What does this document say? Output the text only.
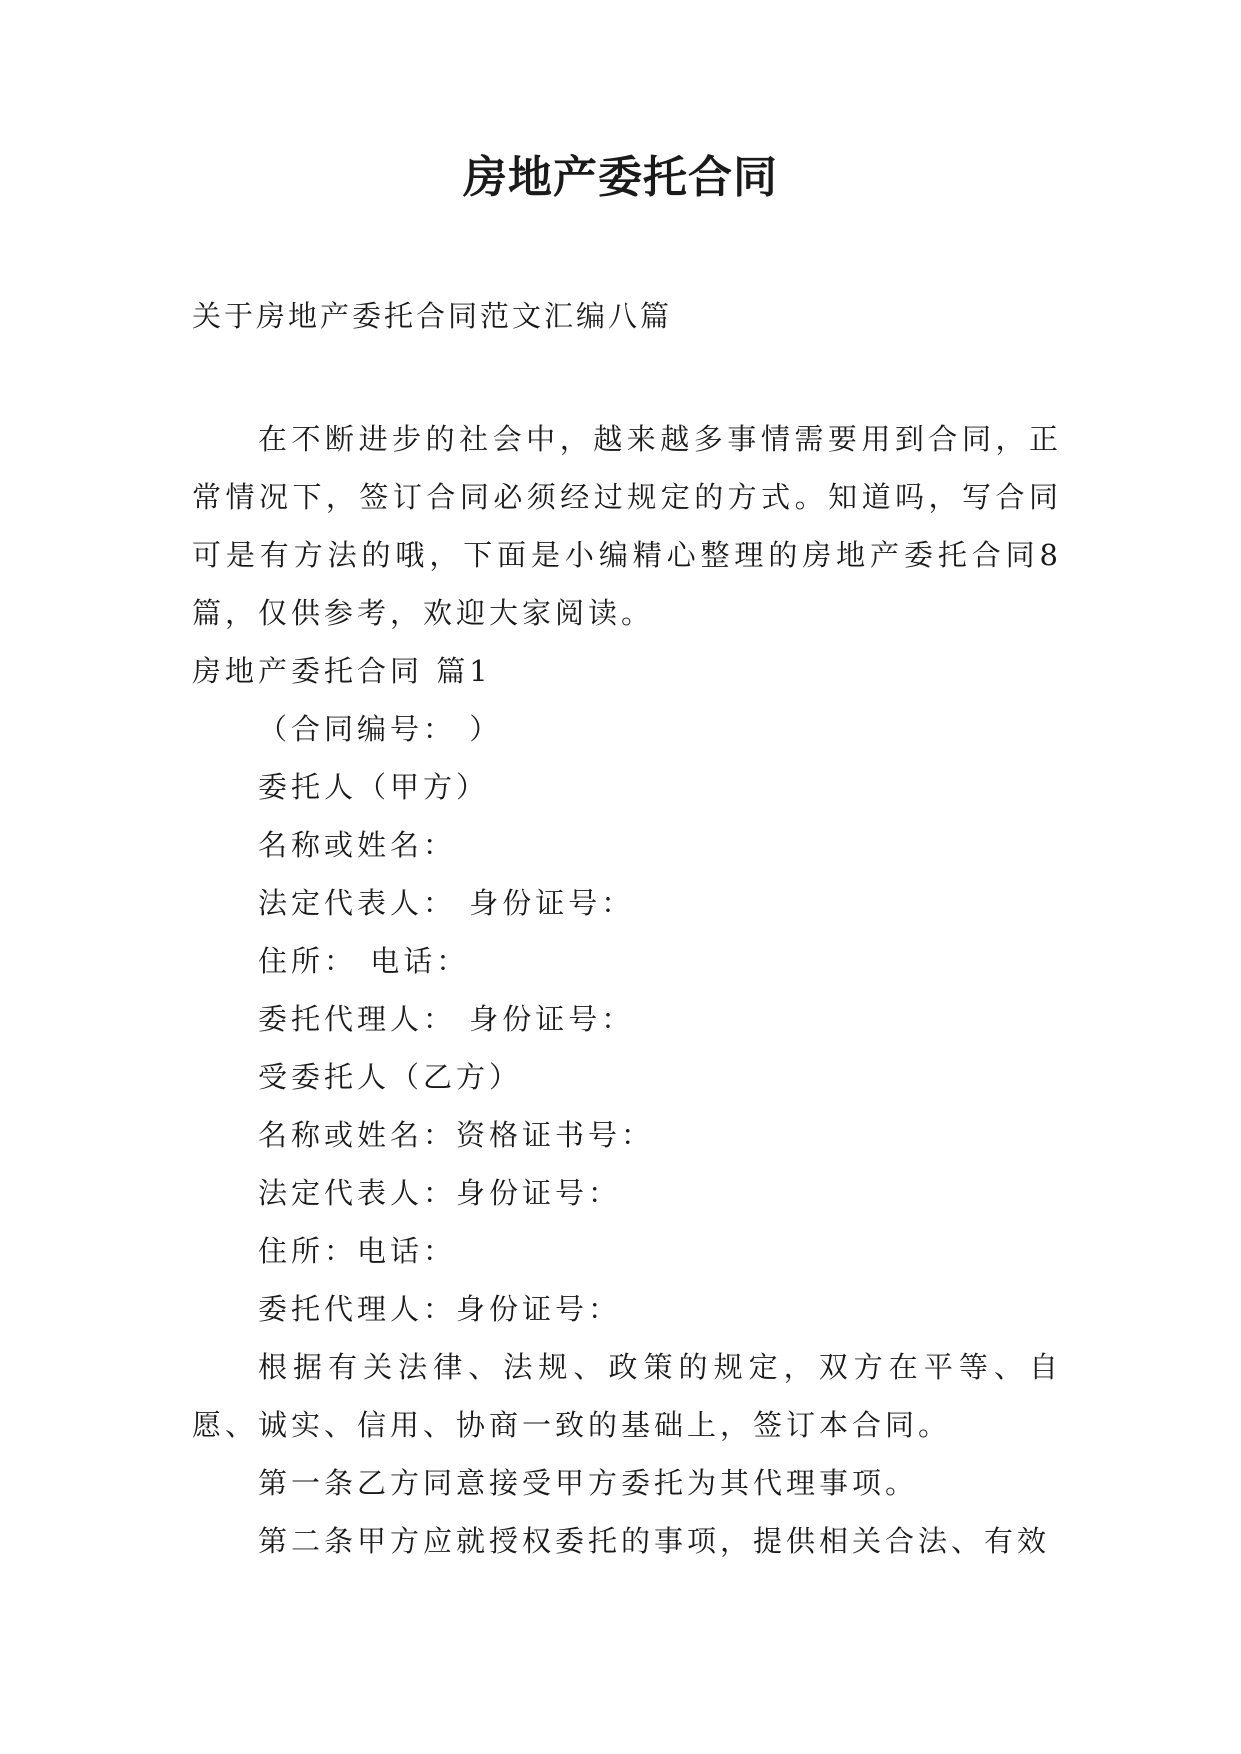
房地产委托合同
关于房地产委托合同范文汇编八篇

在不断进步的社会中，越来越多事情需要用到合同，正常情况下，签订合同必须经过规定的方式。知道吗，写合同可是有方法的哦，下面是小编精心整理的房地产委托合同8篇，仅供参考，欢迎大家阅读。

房地产委托合同 篇1

（合同编号： ）

委托人（甲方）

名称或姓名：

法定代表人： 身份证号：

住所： 电话：

委托代理人： 身份证号：

受委托人（乙方）

名称或姓名：资格证书号：

法定代表人：身份证号：

住所：电话：

委托代理人：身份证号：

根据有关法律、法规、政策的规定，双方在平等、自愿、诚实、信用、协商一致的基础上，签订本合同。

第一条乙方同意接受甲方委托为其代理事项。

第二条甲方应就授权委托的事项，提供相关合法、有效
